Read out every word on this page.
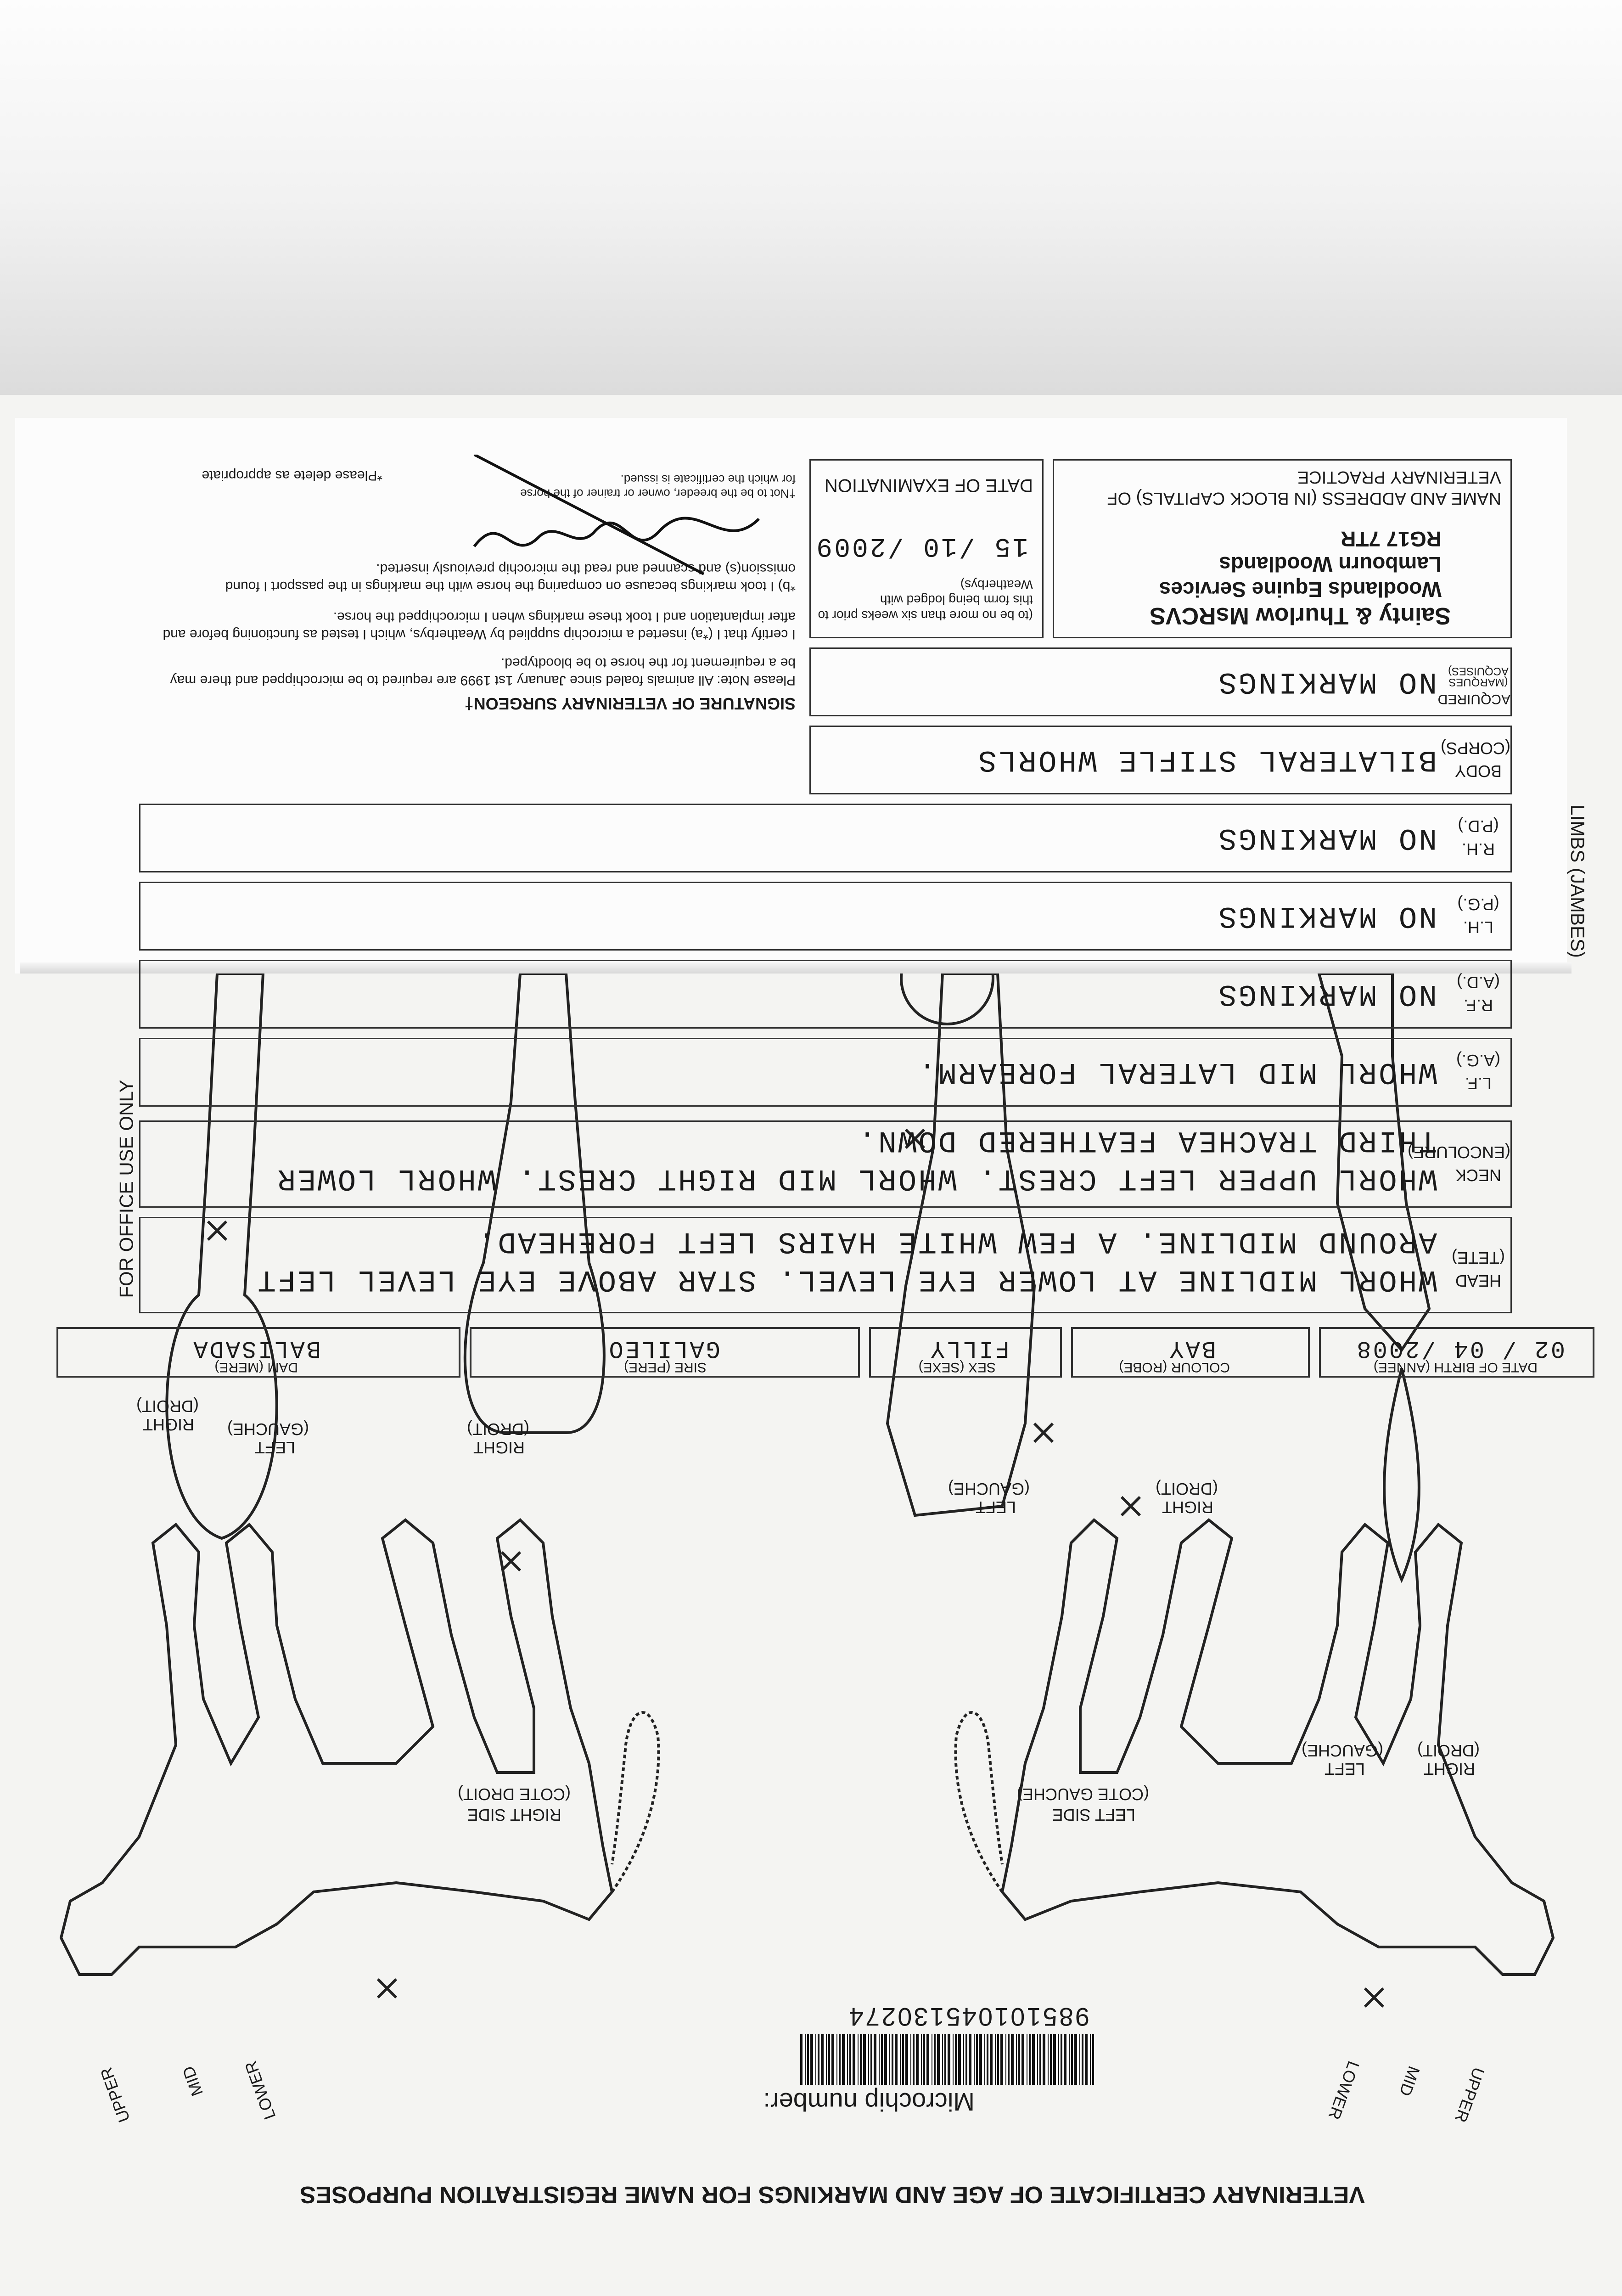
VETERINARY CERTIFICATE OF AGE AND MARKINGS FOR NAME REGISTRATION PURPOSES
Microchip number:
985101045130274
UPPER
MID
LOWER
UPPER	MID LOWER
LEFT SIDE
(COTE GAUCHE)
RIGHT SIDE
(COTE DROIT)
RIGHT
(DROIT)
LEFT
(GAUCHE)
RIGHT
(DROIT)
LEFT
(GAUCHE)
RIGHT
(DROIT)
LEFT
(GAUCHE)
RIGHT
(DROIT)
DATE OF BIRTH (ANNEE)
02 / 04 /2008
COLOUR (ROBE)
BAY
SEX (SEXE)
FILLY
SIRE (PERE)
GALILEO
DAM (MERE)
BALISADA
FOR OFFICE USE ONLY
LIMBS (JAMBES)
HEAD
(TETE)
WHORL MIDLINE AT LOWER EYE LEVEL. STAR ABOVE EYE LEVEL LEFT AROUND MIDLINE. A FEW WHITE HAIRS LEFT FOREHEAD.
NECK
(ENCOLURE)
WHORL UPPER LEFT CREST. WHORL MID RIGHT CREST. WHORL LOWER THIRD TRACHEA FEATHERED DOWN.
L.F.
(A.G.)
WHORL MID LATERAL FOREARM.
R.F.
(A.D.)
NO MARKINGS
L.H.
(P.G.)
NO MARKINGS
R.H.
(P.D.)
NO MARKINGS
BODY
(CORPS)
BILATERAL STIFLE WHORLS
ACQUIRED
(MARQUES ACQUISES)
NO MARKINGS
NAME AND ADDRESS (IN BLOCK CAPITALS) OF VETERINARY PRACTICE
Sainty & Thurlow MsRCVS
Woodlands Equine Services
Lambourn Woodlands
RG17 7TR
DATE OF EXAMINATION
15 /10 /2009
(to be no more than six weeks prior to this form being lodged with Weatherbys)
SIGNATURE OF VETERINARY SURGEON†
Please Note: All animals foaled since January 1st 1999 are required to be microchipped and there may be a requirement for the horse to be bloodtyped.
I certify that I (*a) inserted a microchip supplied by Weatherbys, which I tested as functioning before and after implantation and I took these markings when I microchipped the horse.
*b) I took markings because on comparing the horse with the markings in the passport I found omission(s) and scanned and read the microchip previously inserted.
†Not to be the breeder, owner or trainer of the horse for which the certificate is issued.
*Please delete as appropriate
